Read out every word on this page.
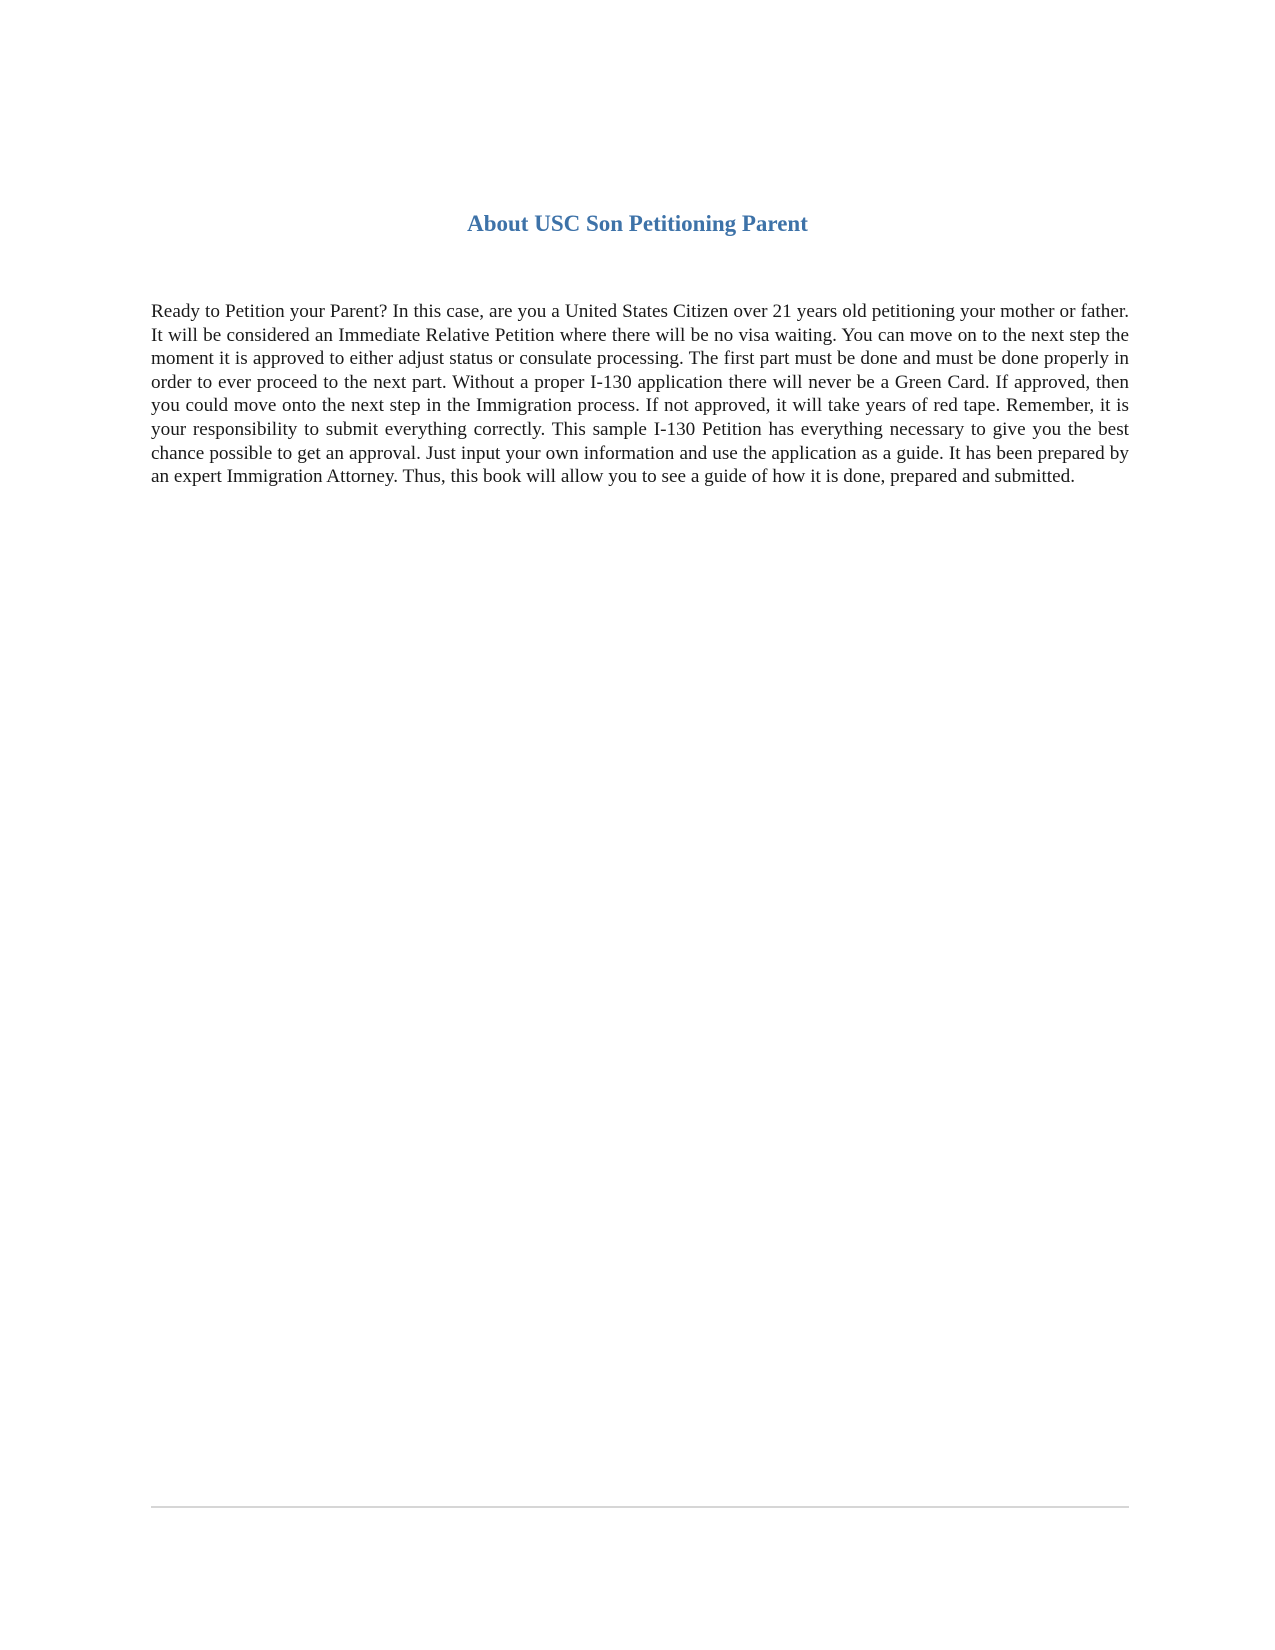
About USC Son Petitioning Parent

Ready to Petition your Parent? In this case, are you a United States Citizen over 21 years old petitioning your mother or father. It will be considered an Immediate Relative Petition where there will be no visa waiting. You can move on to the next step the moment it is approved to either adjust status or consulate processing. The first part must be done and must be done properly in order to ever proceed to the next part. Without a proper I-130 application there will never be a Green Card. If approved, then you could move onto the next step in the Immigration process. If not approved, it will take years of red tape. Remember, it is your responsibility to submit everything correctly. This sample I-130 Petition has everything necessary to give you the best chance possible to get an approval. Just input your own information and use the application as a guide. It has been prepared by an expert Immigration Attorney. Thus, this book will allow you to see a guide of how it is done, prepared and submitted.
